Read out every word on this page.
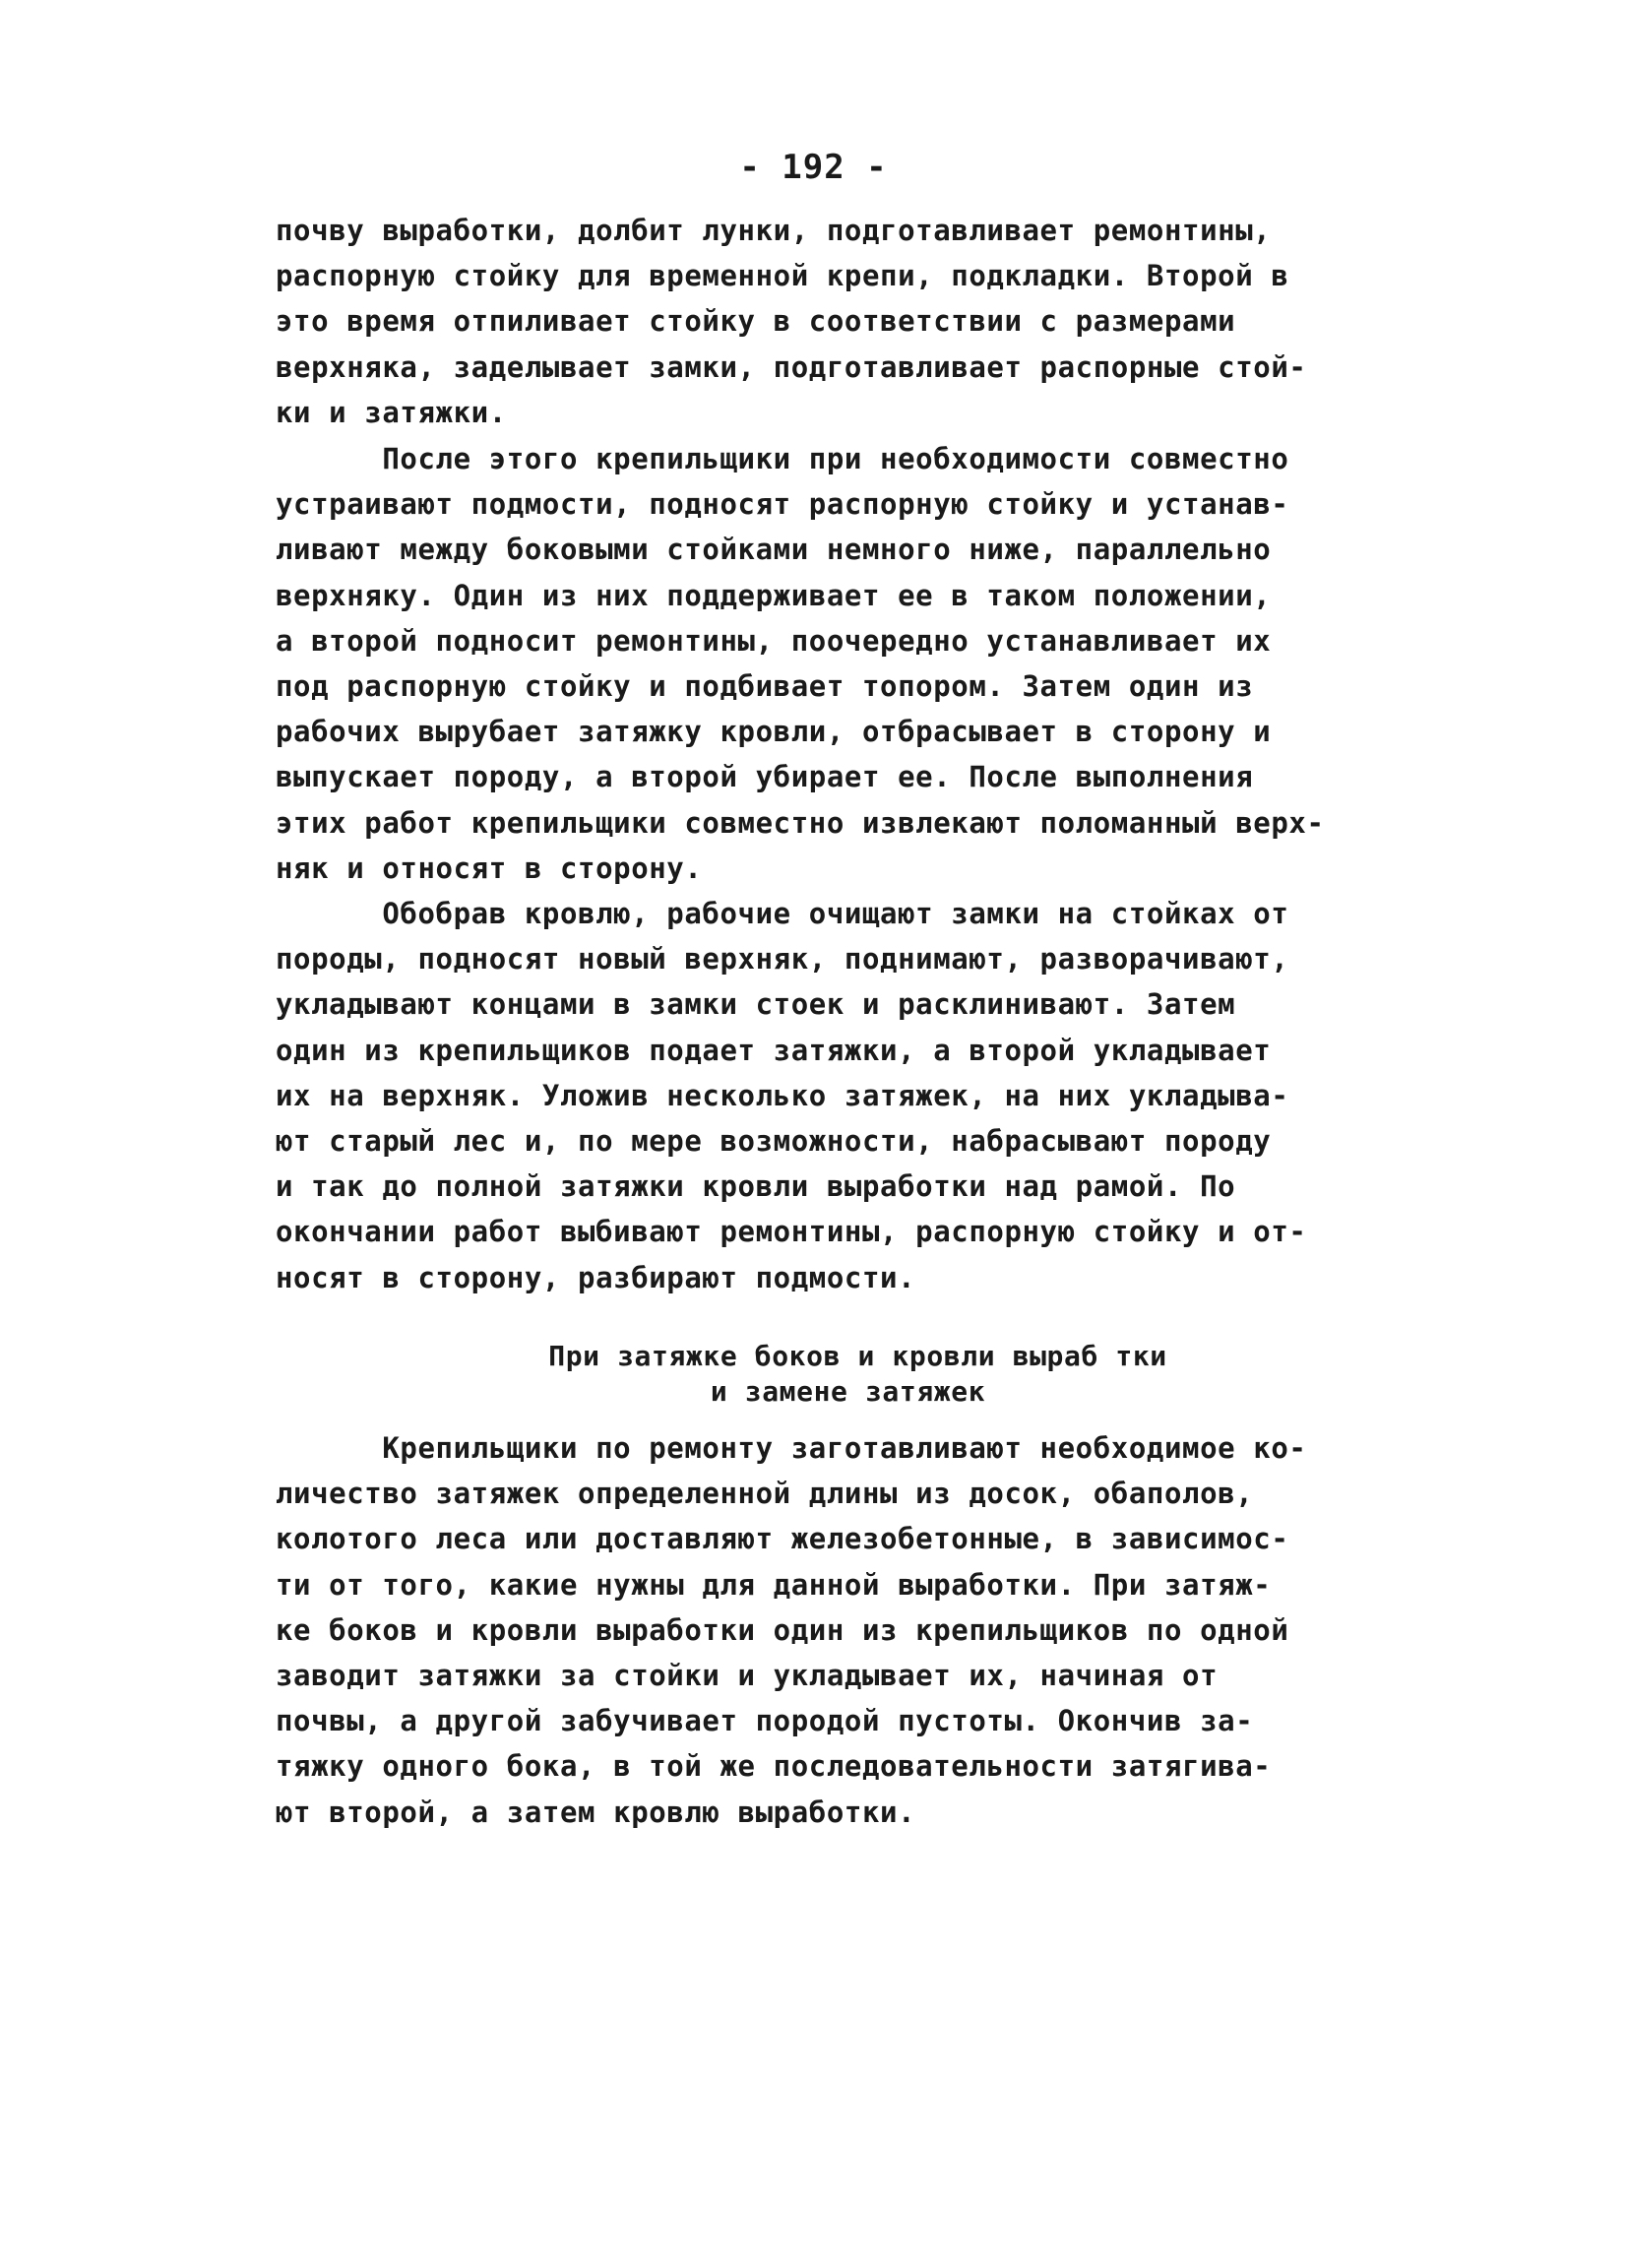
- 192 -
почву выработки, долбит лунки, подготавливает ремонтины,
распорную стойку для временной крепи, подкладки. Второй в
это время отпиливает стойку в соответствии с размерами
верхняка, заделывает замки, подготавливает распорные стой-
ки и затяжки.
После этого крепильщики при необходимости совместно
устраивают подмости, подносят распорную стойку и устанав-
ливают между боковыми стойками немного ниже, параллельно
верхняку. Один из них поддерживает ее в таком положении,
а второй подносит ремонтины, поочередно устанавливает их
под распорную стойку и подбивает топором. Затем один из
рабочих вырубает затяжку кровли, отбрасывает в сторону и
выпускает породу, а второй убирает ее. После выполнения
этих работ крепильщики совместно извлекают поломанный верх-
няк и относят в сторону.
Обобрав кровлю, рабочие очищают замки на стойках от
породы, подносят новый верхняк, поднимают, разворачивают,
укладывают концами в замки стоек и расклинивают. Затем
один из крепильщиков подает затяжки, а второй укладывает
их на верхняк. Уложив несколько затяжек, на них укладыва-
ют старый лес и, по мере возможности, набрасывают породу
и так до полной затяжки кровли выработки над рамой. По
окончании работ выбивают ремонтины, распорную стойку и от-
носят в сторону, разбирают подмости.
При затяжке боков и кровли выраб тки
и замене затяжек
Крепильщики по ремонту заготавливают необходимое ко-
личество затяжек определенной длины из досок, обаполов,
колотого леса или доставляют железобетонные, в зависимос-
ти от того, какие нужны для данной выработки. При затяж-
ке боков и кровли выработки один из крепильщиков по одной
заводит затяжки за стойки и укладывает их, начиная от
почвы, а другой забучивает породой пустоты. Окончив за-
тяжку одного бока, в той же последовательности затягива-
ют второй, а затем кровлю выработки.
